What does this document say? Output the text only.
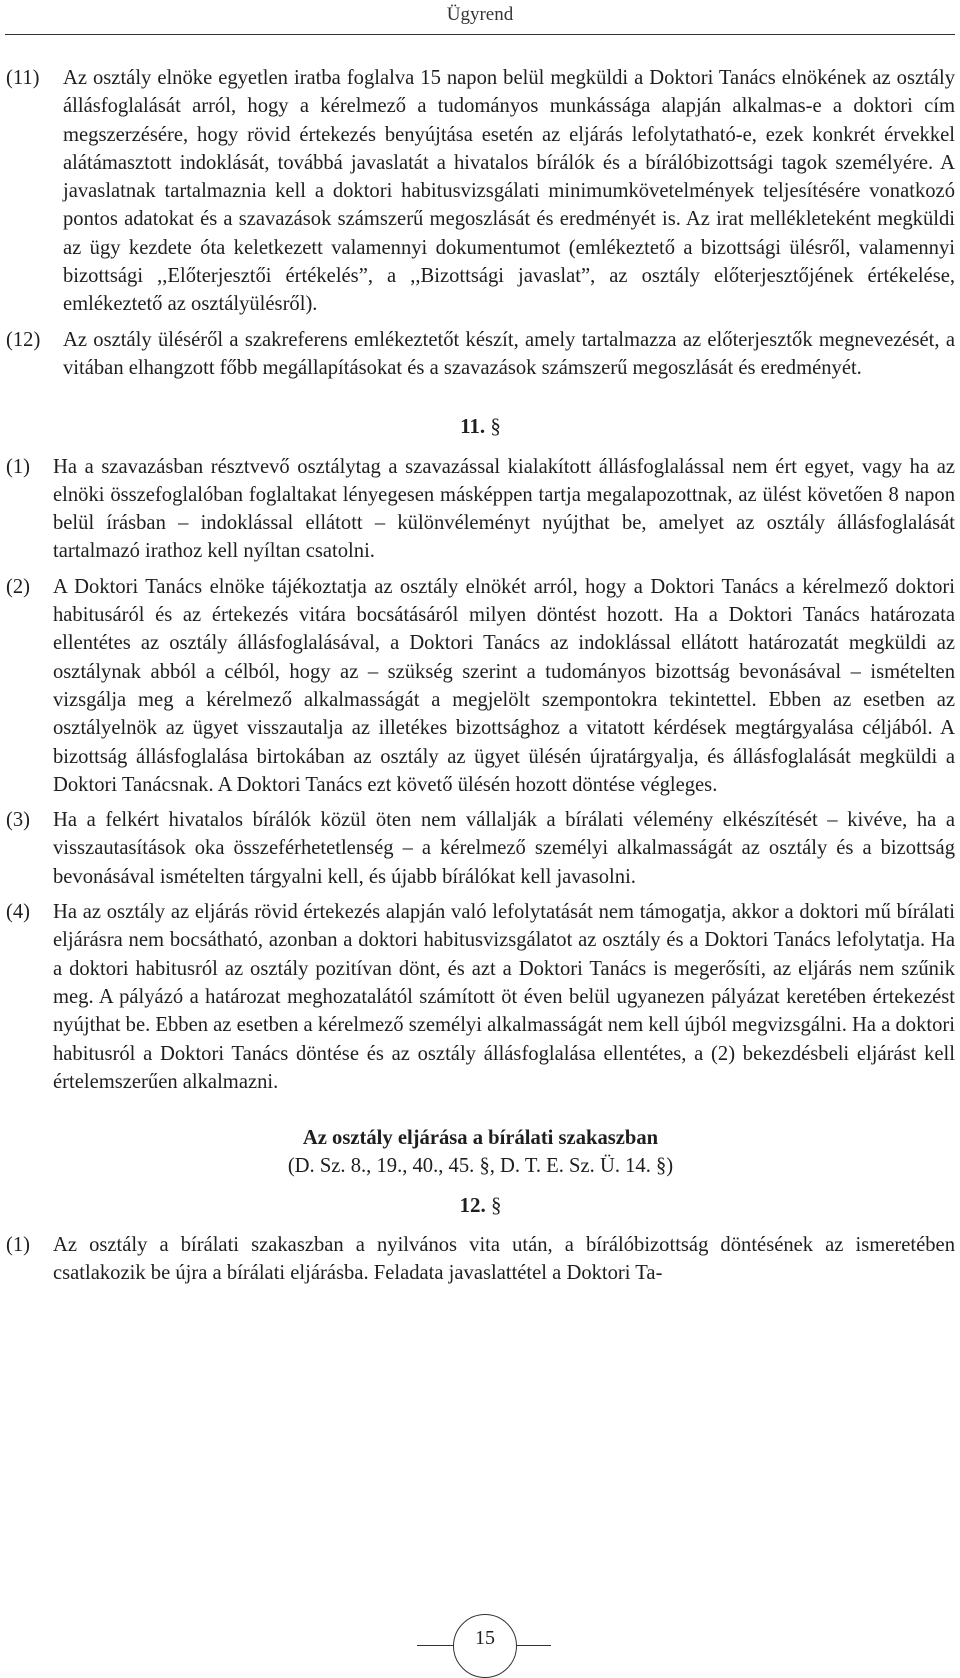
Ügyrend
(11) Az osztály elnöke egyetlen iratba foglalva 15 napon belül megküldi a Doktori Tanács elnökének az osztály állásfoglalását arról, hogy a kérelmező a tudományos munkássága alapján alkalmas-e a doktori cím megszerzésére, hogy rövid értekezés benyújtása esetén az eljárás lefolytatható-e, ezek konkrét érvekkel alátámasztott indoklását, továbbá javaslatát a hivatalos bírálók és a bírálóbizottsági tagok személyére. A javaslatnak tartalmaznia kell a doktori habitusvizsgálati minimumkövetelmények teljesítésére vonatkozó pontos adatokat és a szavazások számszerű megoszlását és eredményét is. Az irat mellékleteként megküldi az ügy kezdete óta keletkezett valamennyi dokumentumot (emlékeztető a bizottsági ülésről, valamennyi bizottsági ,,Előterjesztői értékelés”, a ,,Bizottsági javaslat”, az osztály előterjesztőjének értékelése, emlékeztető az osztályülésről).
(12) Az osztály üléséről a szakreferens emlékeztetőt készít, amely tartalmazza az előterjesztők megnevezését, a vitában elhangzott főbb megállapításokat és a szavazások számszerű megoszlását és eredményét.
11. §
(1) Ha a szavazásban résztvevő osztálytag a szavazással kialakított állásfoglalással nem ért egyet, vagy ha az elnöki összefoglalóban foglaltakat lényegesen másképpen tartja megalapozottnak, az ülést követően 8 napon belül írásban – indoklással ellátott – különvéleményt nyújthat be, amelyet az osztály állásfoglalását tartalmazó irathoz kell nyíltan csatolni.
(2) A Doktori Tanács elnöke tájékoztatja az osztály elnökét arról, hogy a Doktori Tanács a kérelmező doktori habitusáról és az értekezés vitára bocsátásáról milyen döntést hozott. Ha a Doktori Tanács határozata ellentétes az osztály állásfoglalásával, a Doktori Tanács az indoklással ellátott határozatát megküldi az osztálynak abból a célból, hogy az – szükség szerint a tudományos bizottság bevonásával – ismételten vizsgálja meg a kérelmező alkalmasságát a megjelölt szempontokra tekintettel. Ebben az esetben az osztályelnök az ügyet visszautalja az illetékes bizottsághoz a vitatott kérdések megtárgyalása céljából. A bizottság állásfoglalása birtokában az osztály az ügyet ülésén újratárgyalja, és állásfoglalását megküldi a Doktori Tanácsnak. A Doktori Tanács ezt követő ülésén hozott döntése végleges.
(3) Ha a felkért hivatalos bírálók közül öten nem vállalják a bírálati vélemény elkészítését – kivéve, ha a visszautasítások oka összeférhetetlenség – a kérelmező személyi alkalmasságát az osztály és a bizottság bevonásával ismételten tárgyalni kell, és újabb bírálókat kell javasolni.
(4) Ha az osztály az eljárás rövid értekezés alapján való lefolytatását nem támogatja, akkor a doktori mű bírálati eljárásra nem bocsátható, azonban a doktori habitusvizsgálatot az osztály és a Doktori Tanács lefolytatja. Ha a doktori habitusról az osztály pozitívan dönt, és azt a Doktori Tanács is megerősíti, az eljárás nem szűnik meg. A pályázó a határozat meghozatalától számított öt éven belül ugyanezen pályázat keretében értekezést nyújthat be. Ebben az esetben a kérelmező személyi alkalmasságát nem kell újból megvizsgálni. Ha a doktori habitusról a Doktori Tanács döntése és az osztály állásfoglalása ellentétes, a (2) bekezdésbeli eljárást kell értelemszerűen alkalmazni.
Az osztály eljárása a bírálati szakaszban
(D. Sz. 8., 19., 40., 45. §, D. T. E. Sz. Ü. 14. §)
12. §
(1) Az osztály a bírálati szakaszban a nyilvános vita után, a bírálóbizottság döntésének az ismeretében csatlakozik be újra a bírálati eljárásba. Feladata javaslattétel a Doktori Ta-
15
